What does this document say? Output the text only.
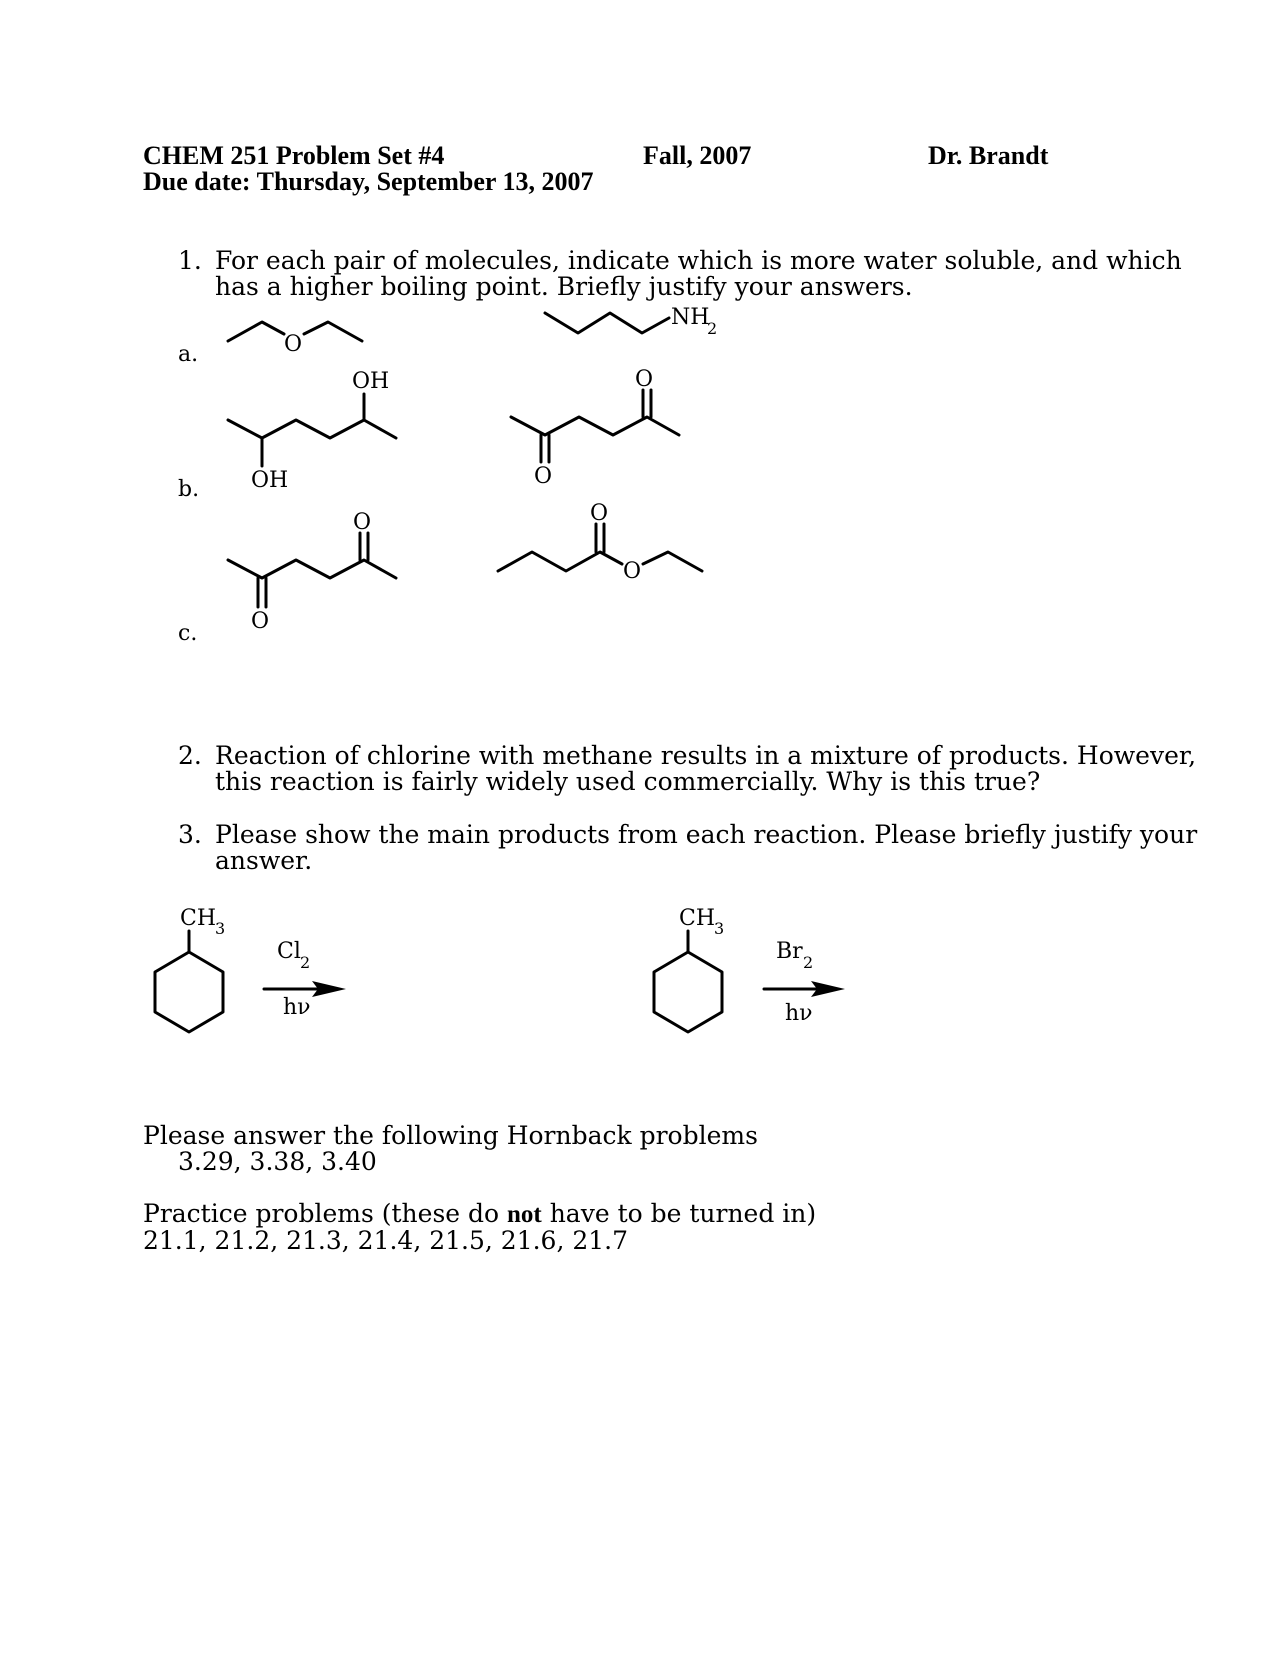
CHEM 251 Problem Set #4	Fall, 2007	Dr. Brandt
Due date: Thursday, September 13, 2007
1. For each pair of molecules, indicate which is more water soluble, and which
has a higher boiling point. Briefly justify your answers.
a.
b.
c.
O
NH
2
OH
OH
O
O
O
O
O
O
CH
3	CH
3
Cl 2	Br 2
hν	hν
2. Reaction of chlorine with methane results in a mixture of products. However,
this reaction is fairly widely used commercially. Why is this true?
3. Please show the main products from each reaction. Please briefly justify your
answer.
Please answer the following Hornback problems
3.29, 3.38, 3.40
Practice problems (these do not have to be turned in)
21.1, 21.2, 21.3, 21.4, 21.5, 21.6, 21.7
